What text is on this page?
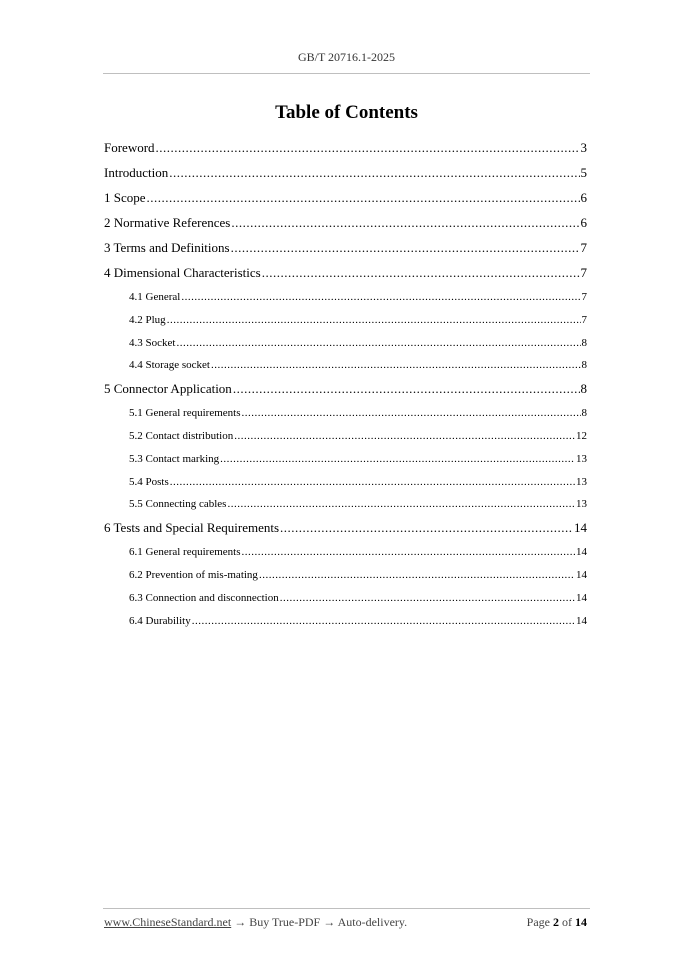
GB/T 20716.1-2025
Table of Contents
Foreword .....	3
Introduction .....	5
1 Scope .....	6
2 Normative References .....	6
3 Terms and Definitions .....	7
4 Dimensional Characteristics .....	7
4.1 General .....	7
4.2 Plug .....	7
4.3 Socket .....	8
4.4 Storage socket .....	8
5 Connector Application .....	8
5.1 General requirements .....	8
5.2 Contact distribution .....	12
5.3 Contact marking .....	13
5.4 Posts .....	13
5.5 Connecting cables .....	13
6 Tests and Special Requirements .....	14
6.1 General requirements .....	14
6.2 Prevention of mis-mating .....	14
6.3 Connection and disconnection .....	14
6.4 Durability .....	14
www.ChineseStandard.net → Buy True-PDF → Auto-delivery.	Page 2 of 14
